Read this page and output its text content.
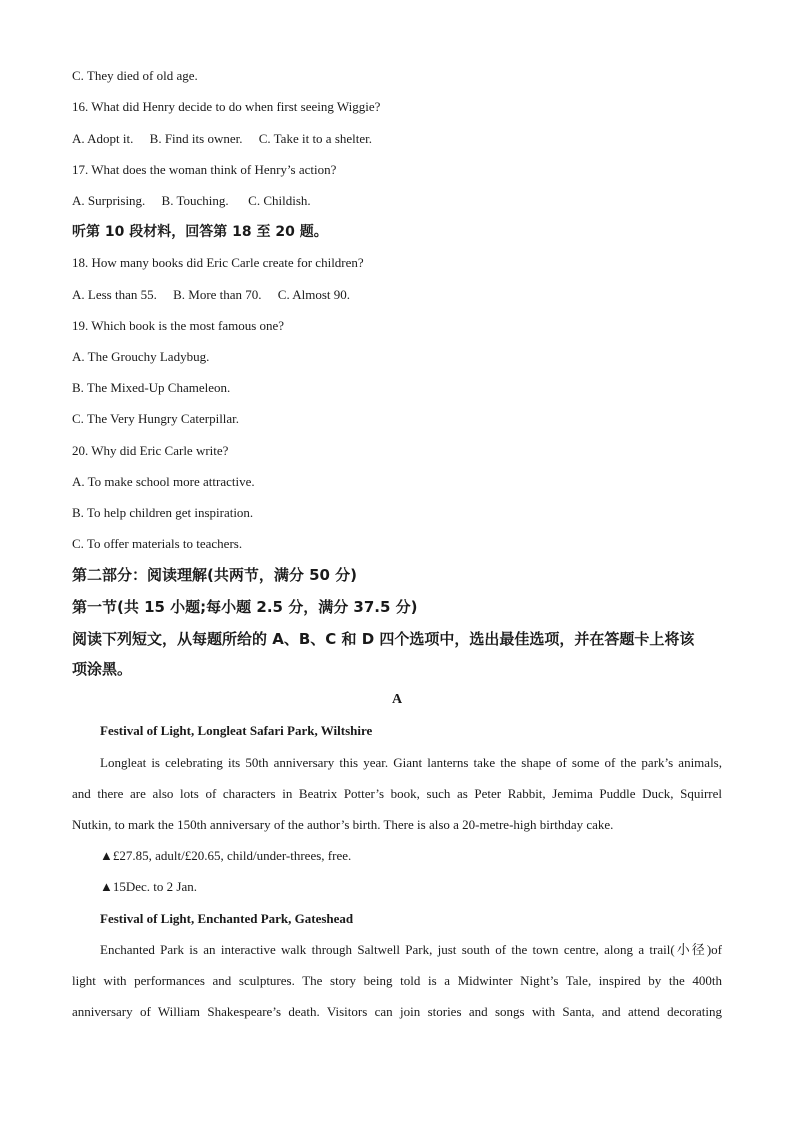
C. They died of old age.
16. What did Henry decide to do when first seeing Wiggie?
A. Adopt it.     B. Find its owner.     C. Take it to a shelter.
17. What does the woman think of Henry’s action?
A. Surprising.     B. Touching.      C. Childish.
听第 10 段材料，回答第 18 至 20 题。
18. How many books did Eric Carle create for children?
A. Less than 55.     B. More than 70.     C. Almost 90.
19. Which book is the most famous one?
A. The Grouchy Ladybug.
B. The Mixed-Up Chameleon.
C. The Very Hungry Caterpillar.
20. Why did Eric Carle write?
A. To make school more attractive.
B. To help children get inspiration.
C. To offer materials to teachers.
第二部分：阅读理解(共两节，满分 50 分)
第一节(共 15 小题;每小题 2.5 分，满分 37.5 分)
阅读下列短文，从每题所给的 A、B、C 和 D 四个选项中，选出最佳选项，并在答题卡上将该
项涂黑。
A
Festival of Light, Longleat Safari Park, Wiltshire
Longleat is celebrating its 50th anniversary this year. Giant lanterns take the shape of some of the park’s animals,
and there are also lots of characters in Beatrix Potter’s book, such as Peter Rabbit, Jemima Puddle Duck, Squirrel
Nutkin, to mark the 150th anniversary of the author’s birth. There is also a 20-metre-high birthday cake.
▲£27.85, adult/£20.65, child/under-threes, free.
▲15Dec. to 2 Jan.
Festival of Light, Enchanted Park, Gateshead
Enchanted Park is an interactive walk through Saltwell Park, just south of the town centre, along a trail(小径)of
light with performances and sculptures. The story being told is a Midwinter Night’s Tale, inspired by the 400th
anniversary of William Shakespeare’s death. Visitors can join stories and songs with Santa, and attend decorating
